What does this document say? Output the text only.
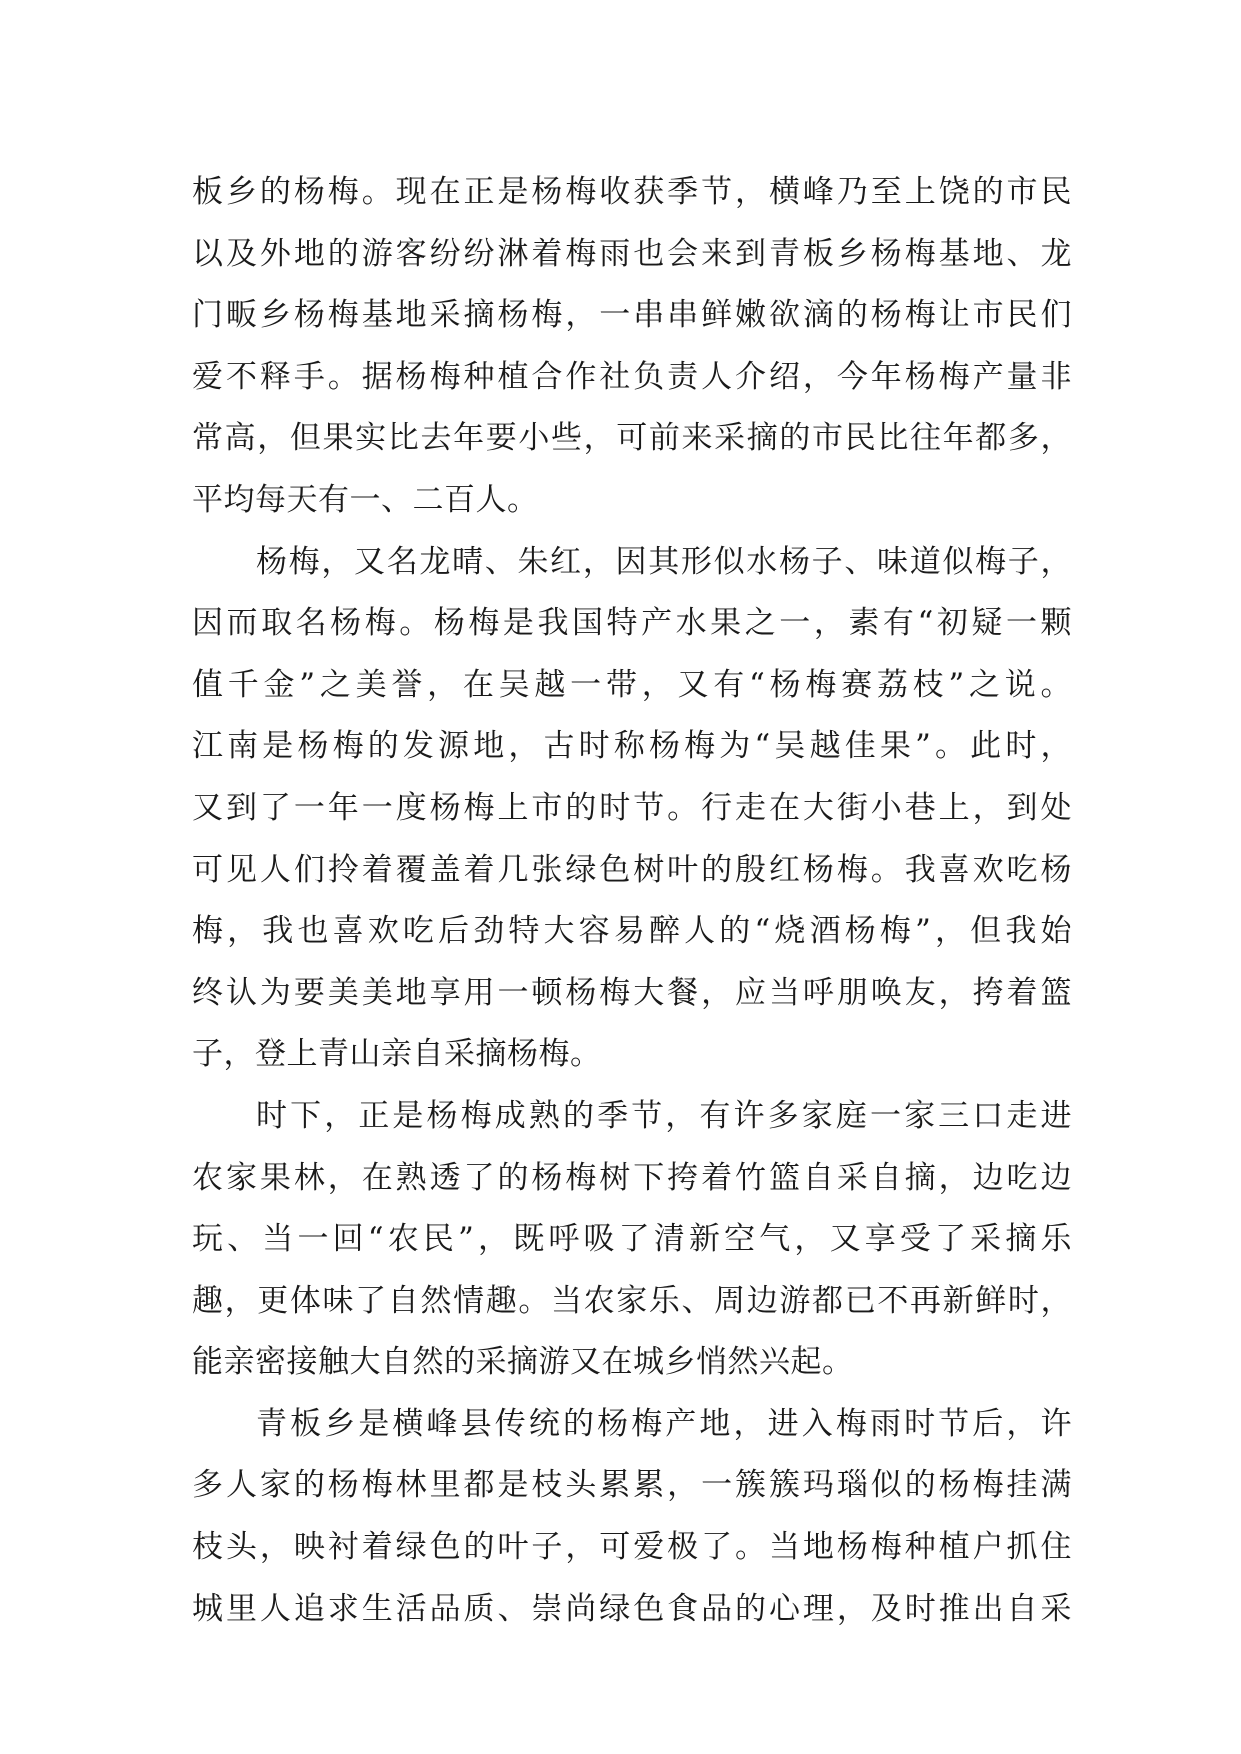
板乡的杨梅。现在正是杨梅收获季节，横峰乃至上饶的市民
以及外地的游客纷纷淋着梅雨也会来到青板乡杨梅基地、龙
门畈乡杨梅基地采摘杨梅，一串串鲜嫩欲滴的杨梅让市民们
爱不释手。据杨梅种植合作社负责人介绍，今年杨梅产量非
常高，但果实比去年要小些，可前来采摘的市民比往年都多，
平均每天有一、二百人。
杨梅，又名龙晴、朱红，因其形似水杨子、味道似梅子，
因而取名杨梅。杨梅是我国特产水果之一，素有“初疑一颗
值千金”之美誉，在吴越一带，又有“杨梅赛荔枝”之说。
江南是杨梅的发源地，古时称杨梅为“吴越佳果”。此时，
又到了一年一度杨梅上市的时节。行走在大街小巷上，到处
可见人们拎着覆盖着几张绿色树叶的殷红杨梅。我喜欢吃杨
梅，我也喜欢吃后劲特大容易醉人的“烧酒杨梅”，但我始
终认为要美美地享用一顿杨梅大餐，应当呼朋唤友，挎着篮
子，登上青山亲自采摘杨梅。
时下，正是杨梅成熟的季节，有许多家庭一家三口走进
农家果林，在熟透了的杨梅树下挎着竹篮自采自摘，边吃边
玩、当一回“农民”，既呼吸了清新空气，又享受了采摘乐
趣，更体味了自然情趣。当农家乐、周边游都已不再新鲜时，
能亲密接触大自然的采摘游又在城乡悄然兴起。
青板乡是横峰县传统的杨梅产地，进入梅雨时节后，许
多人家的杨梅林里都是枝头累累，一簇簇玛瑙似的杨梅挂满
枝头，映衬着绿色的叶子，可爱极了。当地杨梅种植户抓住
城里人追求生活品质、崇尚绿色食品的心理，及时推出自采
